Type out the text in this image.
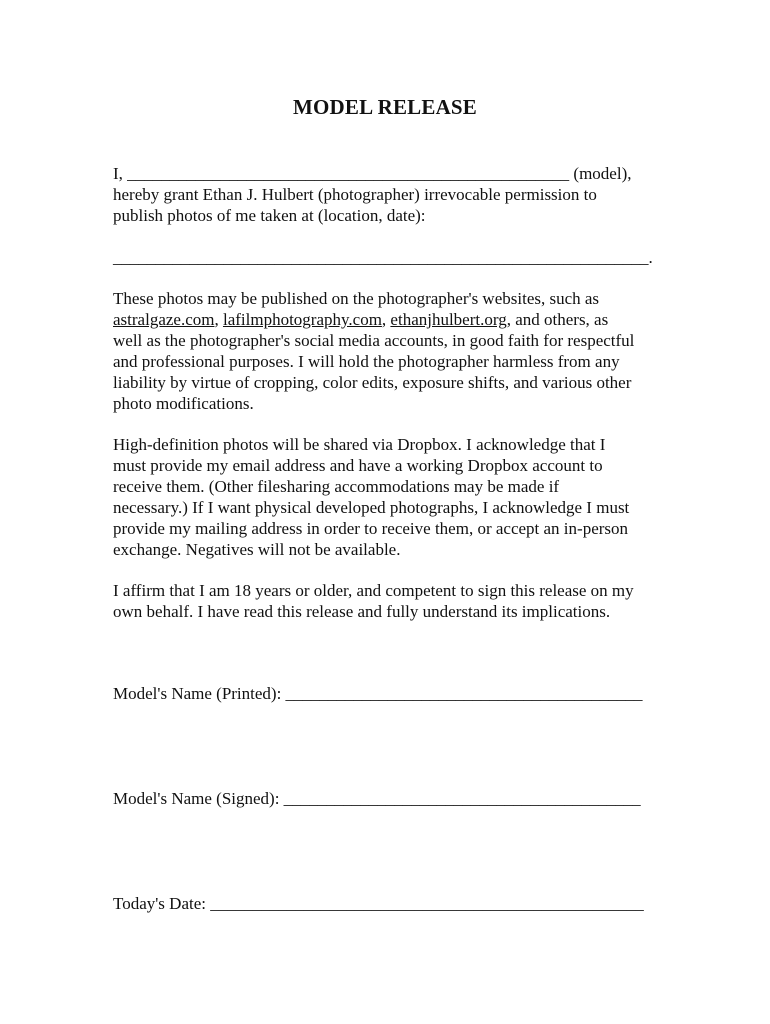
MODEL RELEASE
I, ____________________________________________________ (model),
hereby grant Ethan J. Hulbert (photographer) irrevocable permission to
publish photos of me taken at (location, date):
_______________________________________________________________.
These photos may be published on the photographer's websites, such as
astralgaze.com, lafilmphotography.com, ethanjhulbert.org, and others, as
well as the photographer's social media accounts, in good faith for respectful
and professional purposes. I will hold the photographer harmless from any
liability by virtue of cropping, color edits, exposure shifts, and various other
photo modifications.
High-definition photos will be shared via Dropbox. I acknowledge that I
must provide my email address and have a working Dropbox account to
receive them. (Other filesharing accommodations may be made if
necessary.) If I want physical developed photographs, I acknowledge I must
provide my mailing address in order to receive them, or accept an in-person
exchange. Negatives will not be available.
I affirm that I am 18 years or older, and competent to sign this release on my
own behalf. I have read this release and fully understand its implications.
Model's Name (Printed): __________________________________________
Model's Name (Signed): __________________________________________
Today's Date: ___________________________________________________
